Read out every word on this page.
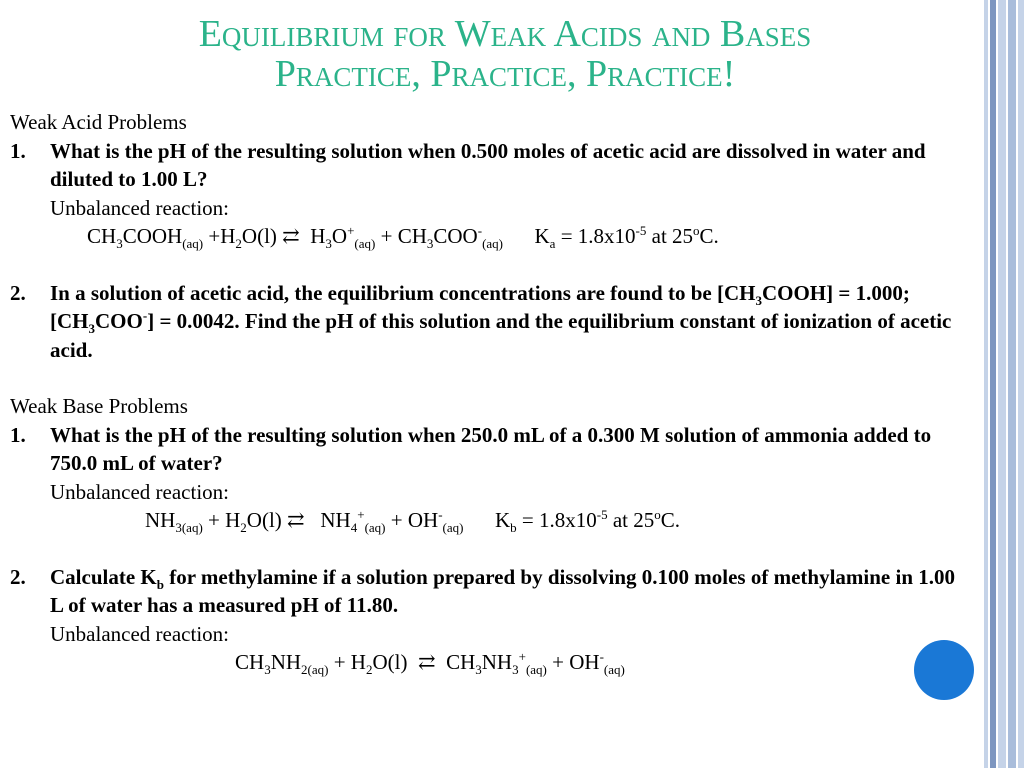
Equilibrium for Weak Acids and Bases
Practice, Practice, Practice!
Weak Acid Problems
1. What is the pH of the resulting solution when 0.500 moles of acetic acid are dissolved in water and diluted to 1.00 L?
Unbalanced reaction:
$CH_3COOH_{(aq)} +H_2O(l)$ ⇄  $H_3O^+_{(aq)} + CH_3COO^-_{(aq)}$      $K_a = 1.8x10^{-5}$ at 25$^o$C.
2. In a solution of acetic acid, the equilibrium concentrations are found to be $[CH_3COOH] = 1.000$; $[CH_3COO^-] = 0.0042$. Find the pH of this solution and the equilibrium constant of ionization of acetic acid.
Weak Base Problems
1. What is the pH of the resulting solution when 250.0 mL of a 0.300 M solution of ammonia added to 750.0 mL of water?
Unbalanced reaction:
$NH_{3(aq)} + H_2O(l)$ ⇄   $NH_4^+_{(aq)} + OH^-_{(aq)}$      $K_b = 1.8x10^{-5}$ at 25$^o$C.
2. Calculate $K_b$ for methylamine if a solution prepared by dissolving 0.100 moles of methylamine in 1.00 L of water has a measured pH of 11.80.
Unbalanced reaction:
$CH_3NH_{2(aq)} + H_2O(l)$  ⇄  $CH_3NH_3^+_{(aq)} + OH^-_{(aq)}$
